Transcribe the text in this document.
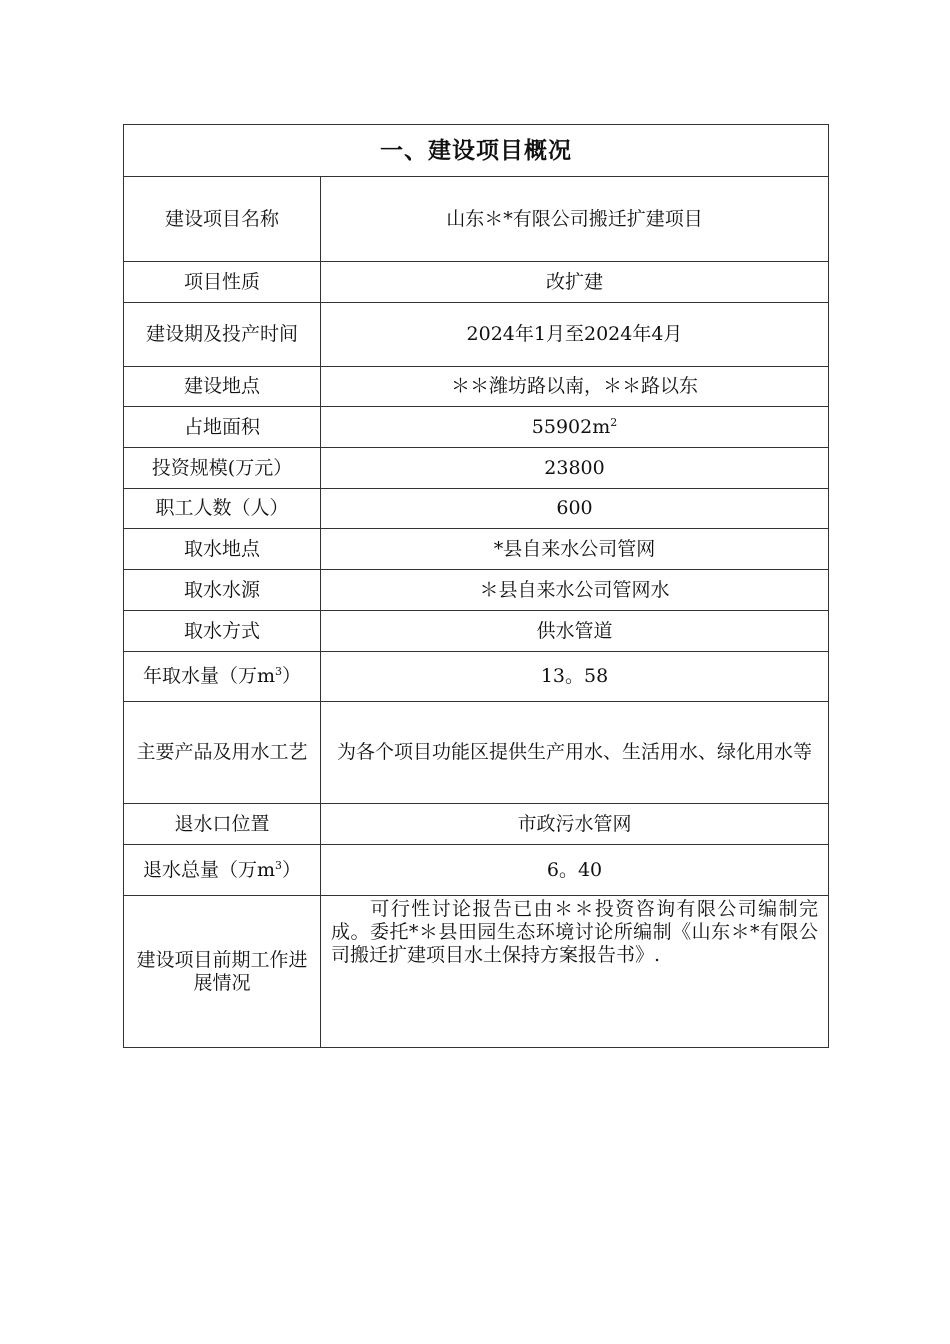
一、建设项目概况	
建设项目名称	山东＊*有限公司搬迁扩建项目
项目性质	改扩建
建设期及投产时间	2024年1月至2024年4月
建设地点	＊＊潍坊路以南，＊＊路以东
占地面积	$55902m^2$
投资规模(万元）	23800
职工人数（人）	600
取水地点	*县自来水公司管网
取水水源	＊县自来水公司管网水
取水方式	供水管道
年取水量（万$m^3$）	13。58
主要产品及用水工艺	为各个项目功能区提供生产用水、生活用水、绿化用水等
退水口位置	市政污水管网
退水总量（万$m^3$）	6。40
建设项目前期工作进展情况	可行性讨论报告已由＊＊投资咨询有限公司编制完成。委托*＊县田园生态环境讨论所编制《山东＊*有限公司搬迁扩建项目水土保持方案报告书》.
